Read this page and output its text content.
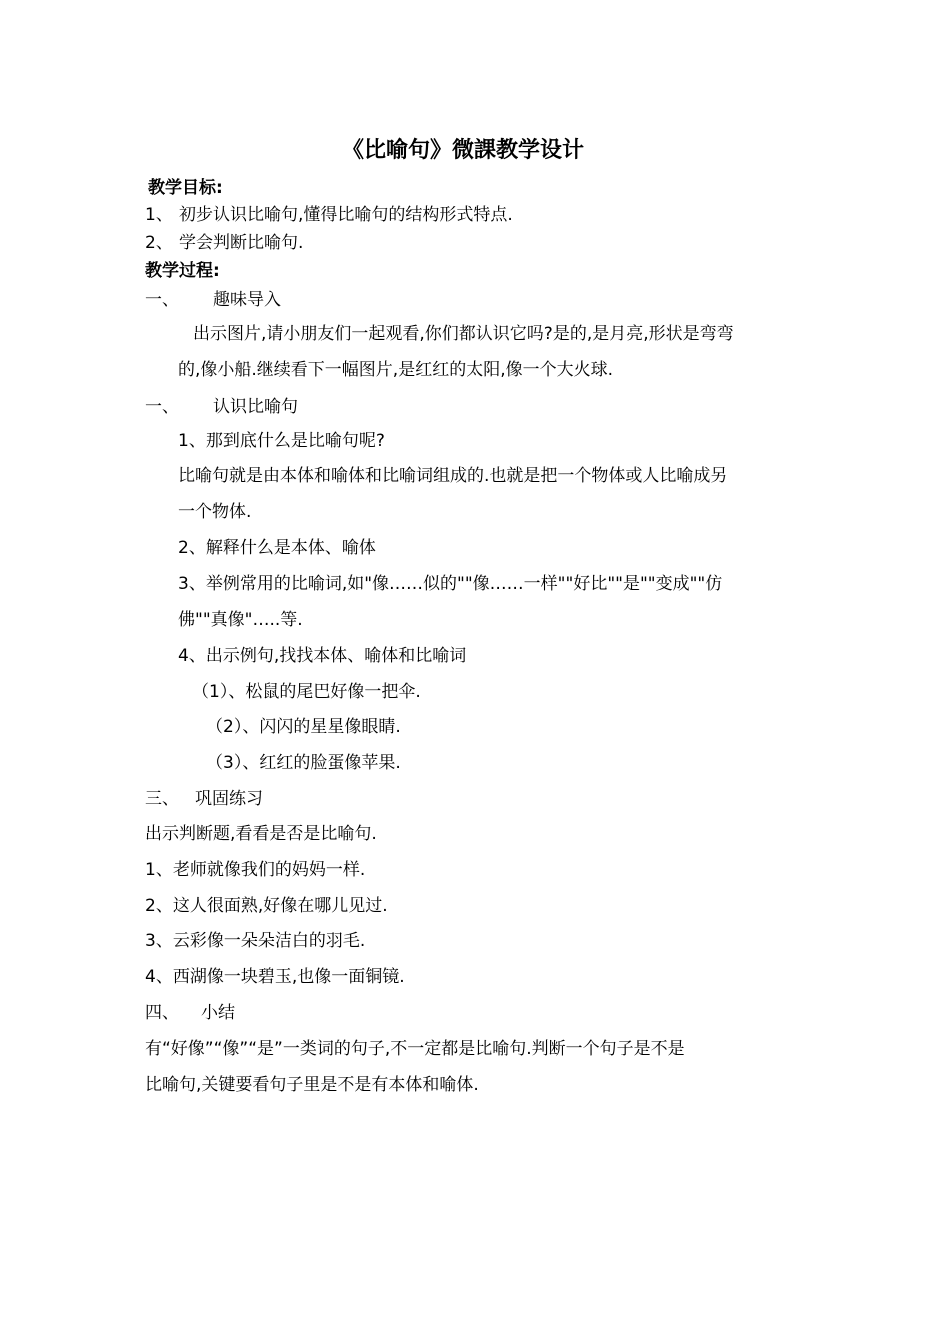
《比喻句》微課教学设计
教学目标:
1、 初步认识比喻句,懂得比喻句的结构形式特点.
2、 学会判断比喻句.
教学过程:
一、 趣味导入
出示图片,请小朋友们一起观看,你们都认识它吗?是的,是月亮,形状是弯弯
的,像小船.继续看下一幅图片,是红红的太阳,像一个大火球.
一、 认识比喻句
1、那到底什么是比喻句呢?
比喻句就是由本体和喻体和比喻词组成的.也就是把一个物体或人比喻成另
一个物体.
2、解释什么是本体、喻体
3、举例常用的比喻词,如"像……似的""像……一样""好比""是""变成""仿
佛""真像"…..等.
4、出示例句,找找本体、喻体和比喻词
（1）、松鼠的尾巴好像一把伞.
（2）、闪闪的星星像眼睛.
（3）、红红的脸蛋像苹果.
三、 巩固练习
出示判断题,看看是否是比喻句.
1、老师就像我们的妈妈一样.
2、这人很面熟,好像在哪儿见过.
3、云彩像一朵朵洁白的羽毛.
4、西湖像一块碧玉,也像一面铜镜.
四、 小结
有“好像”“像”“是”一类词的句子,不一定都是比喻句.判断一个句子是不是
比喻句,关键要看句子里是不是有本体和喻体.
